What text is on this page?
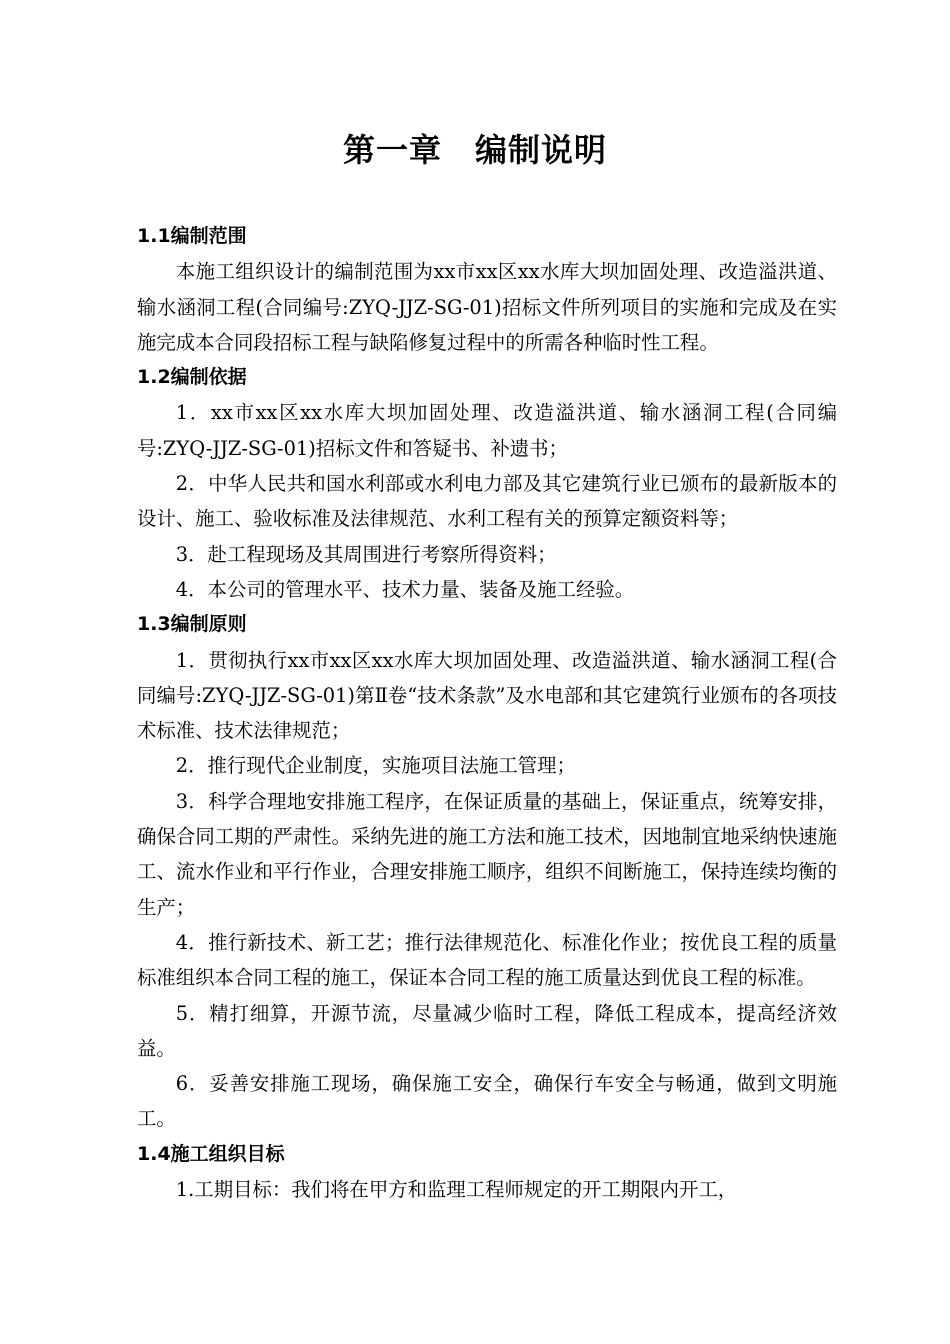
第一章　编制说明
1.1编制范围

本施工组织设计的编制范围为xx市xx区xx水库大坝加固处理、改造溢洪道、输水涵洞工程(合同编号:ZYQ-JJZ-SG-01)招标文件所列项目的实施和完成及在实施完成本合同段招标工程与缺陷修复过程中的所需各种临时性工程。

1.2编制依据

1．xx市xx区xx水库大坝加固处理、改造溢洪道、输水涵洞工程(合同编号:ZYQ-JJZ-SG-01)招标文件和答疑书、补遗书；

2．中华人民共和国水利部或水利电力部及其它建筑行业已颁布的最新版本的设计、施工、验收标准及法律规范、水利工程有关的预算定额资料等；

3．赴工程现场及其周围进行考察所得资料；

4．本公司的管理水平、技术力量、装备及施工经验。

1.3编制原则

1．贯彻执行xx市xx区xx水库大坝加固处理、改造溢洪道、输水涵洞工程(合同编号:ZYQ-JJZ-SG-01)第Ⅱ卷“技术条款”及水电部和其它建筑行业颁布的各项技术标准、技术法律规范；

2．推行现代企业制度，实施项目法施工管理；

3．科学合理地安排施工程序，在保证质量的基础上，保证重点，统筹安排，确保合同工期的严肃性。采纳先进的施工方法和施工技术，因地制宜地采纳快速施工、流水作业和平行作业，合理安排施工顺序，组织不间断施工，保持连续均衡的生产；

4．推行新技术、新工艺；推行法律规范化、标准化作业；按优良工程的质量标准组织本合同工程的施工，保证本合同工程的施工质量达到优良工程的标准。

5．精打细算，开源节流，尽量减少临时工程，降低工程成本，提高经济效益。

6．妥善安排施工现场，确保施工安全，确保行车安全与畅通，做到文明施工。

1.4施工组织目标

1.工期目标：我们将在甲方和监理工程师规定的开工期限内开工，
